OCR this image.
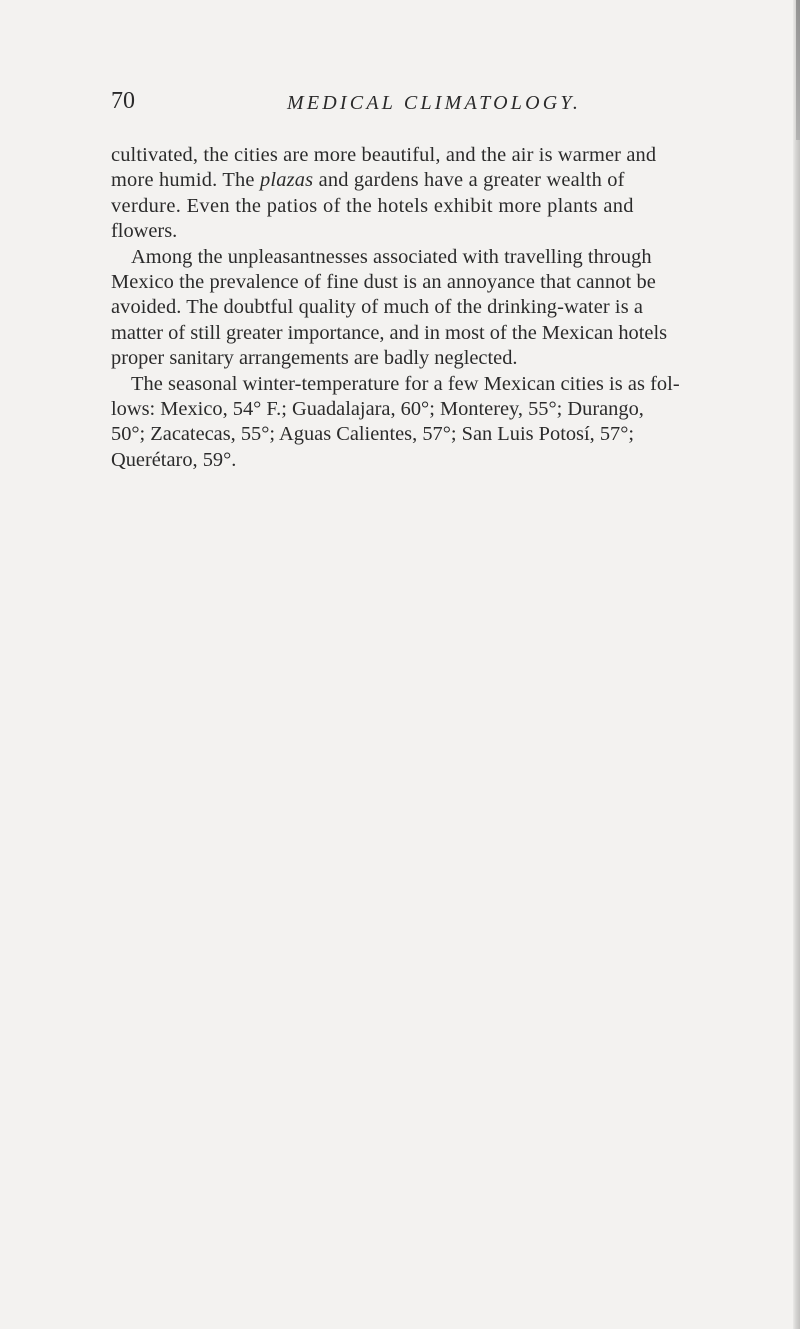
70	MEDICAL CLIMATOLOGY.

cultivated, the cities are more beautiful, and the air is warmer and
more humid. The plazas and gardens have a greater wealth of
verdure. Even the patios of the hotels exhibit more plants and
flowers.

Among the unpleasantnesses associated with travelling through
Mexico the prevalence of fine dust is an annoyance that cannot be
avoided. The doubtful quality of much of the drinking-water is a
matter of still greater importance, and in most of the Mexican hotels
proper sanitary arrangements are badly neglected.

The seasonal winter-temperature for a few Mexican cities is as fol-
lows: Mexico, 54° F.; Guadalajara, 60°; Monterey, 55°; Durango,
50°; Zacatecas, 55°; Aguas Calientes, 57°; San Luis Potosí, 57°;
Querétaro, 59°.
